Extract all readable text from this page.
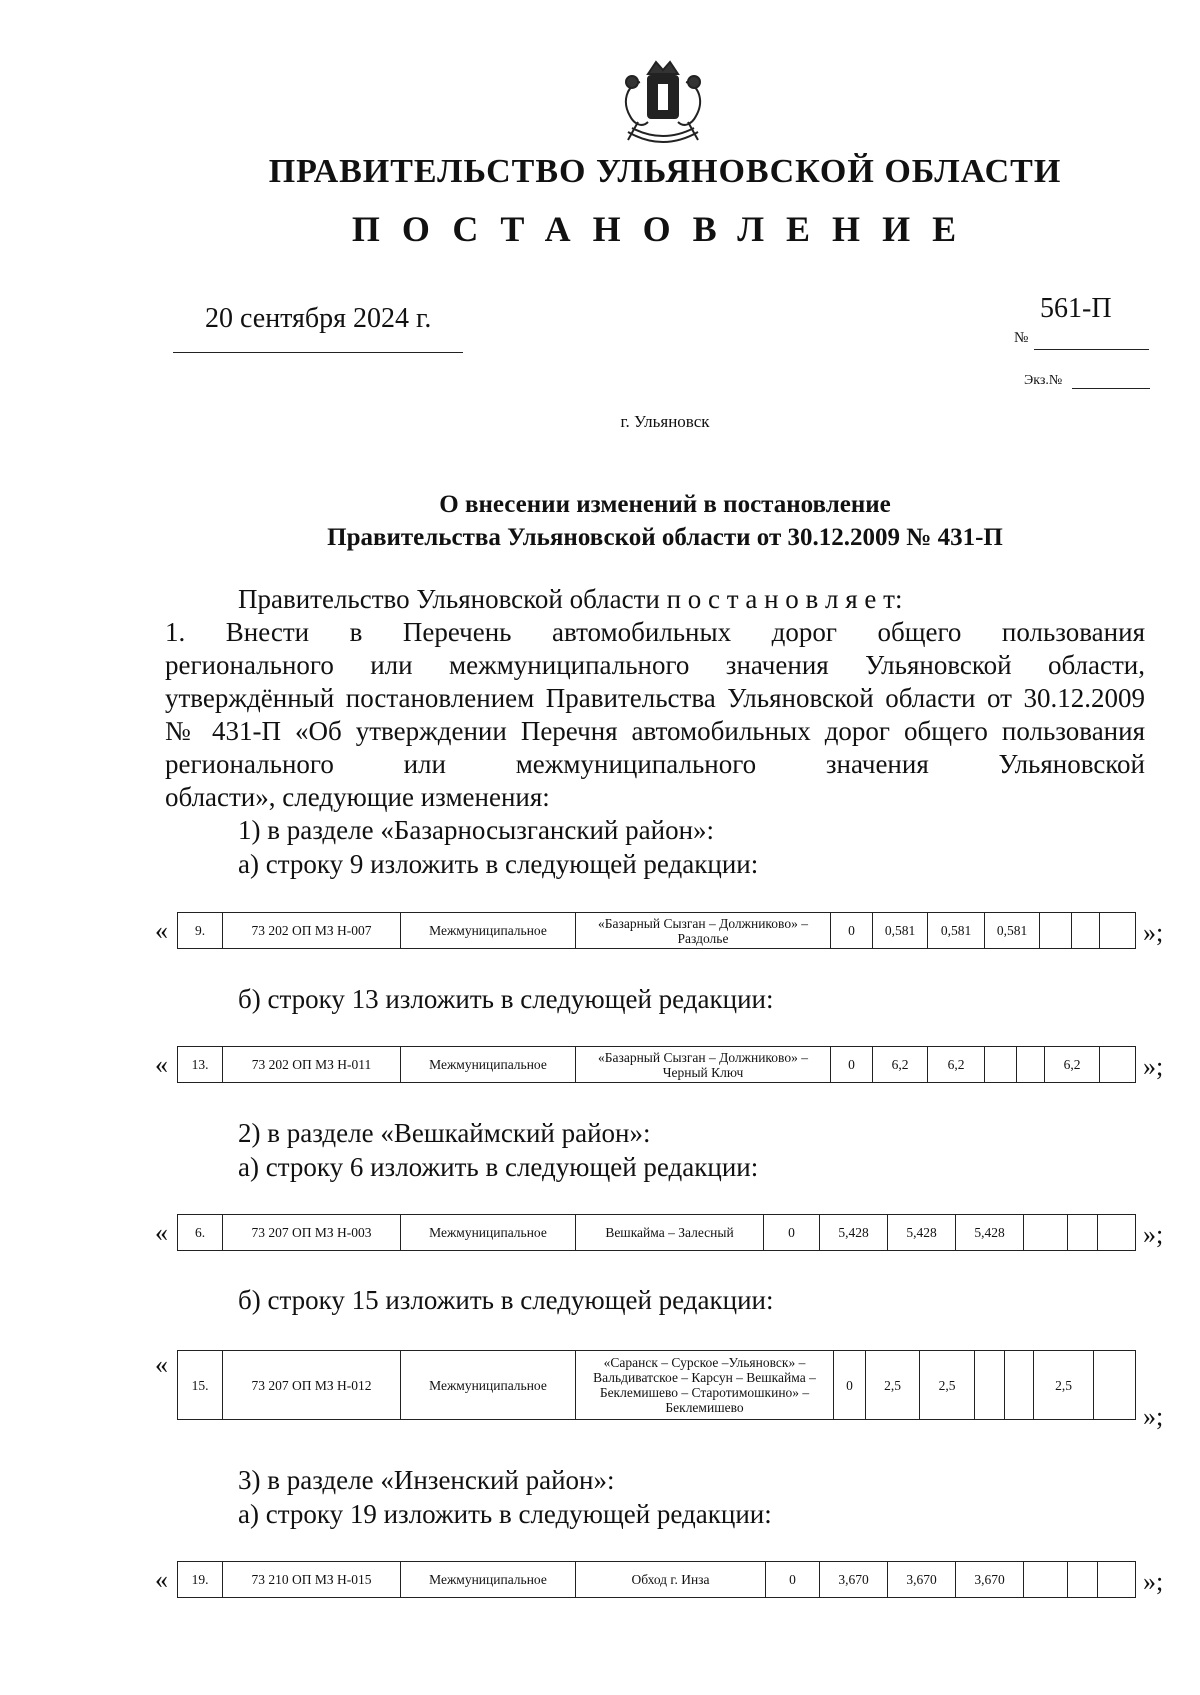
ПРАВИТЕЛЬСТВО УЛЬЯНОВСКОЙ ОБЛАСТИ
ПОСТАНОВЛЕНИЕ
20 сентября 2024 г.	561-П
№
Экз.№
г. Ульяновск
О внесении изменений в постановление
Правительства Ульяновской области от 30.12.2009 № 431-П
Правительство Ульяновской области п о с т а н о в л я е т:
1. Внести в Перечень автомобильных дорог общего пользования
регионального или межмуниципального значения Ульяновской области, утверждённый постановлением Правительства Ульяновской области от 30.12.2009 № 431-П «Об утверждении Перечня автомобильных дорог общего пользования регионального или межмуниципального значения Ульяновской
области», следующие изменения:
1) в разделе «Базарносызганский район»:
а) строку 9 изложить в следующей редакции:
« 9.	73 202 ОП МЗ Н-007	Межмуниципальное	«Базарный Сызган – Должниково» – Раздолье	0	0,581	0,581	0,581				»;
б) строку 13 изложить в следующей редакции:
« 13.	73 202 ОП МЗ Н-011	Межмуниципальное	«Базарный Сызган – Должниково» – Черный Ключ	0	6,2	6,2			6,2	»;
2) в разделе «Вешкаймский район»:
а) строку 6 изложить в следующей редакции:
« 6.	73 207 ОП МЗ Н-003	Межмуниципальное	Вешкайма – Залесный	0	5,428	5,428	5,428				»;
б) строку 15 изложить в следующей редакции:
«
15.	73 207 ОП МЗ Н-012	Межмуниципальное	«Саранск – Сурское –Ульяновск» – Вальдиватское – Карсун – Вешкайма – Беклемишево – Старотимошкино» – Беклемишево	0	2,5	2,5			2,5	
»;
3) в разделе «Инзенский район»:
а) строку 19 изложить в следующей редакции:
« 19.	73 210 ОП МЗ Н-015	Межмуниципальное	Обход г. Инза	0	3,670	3,670	3,670				»;
